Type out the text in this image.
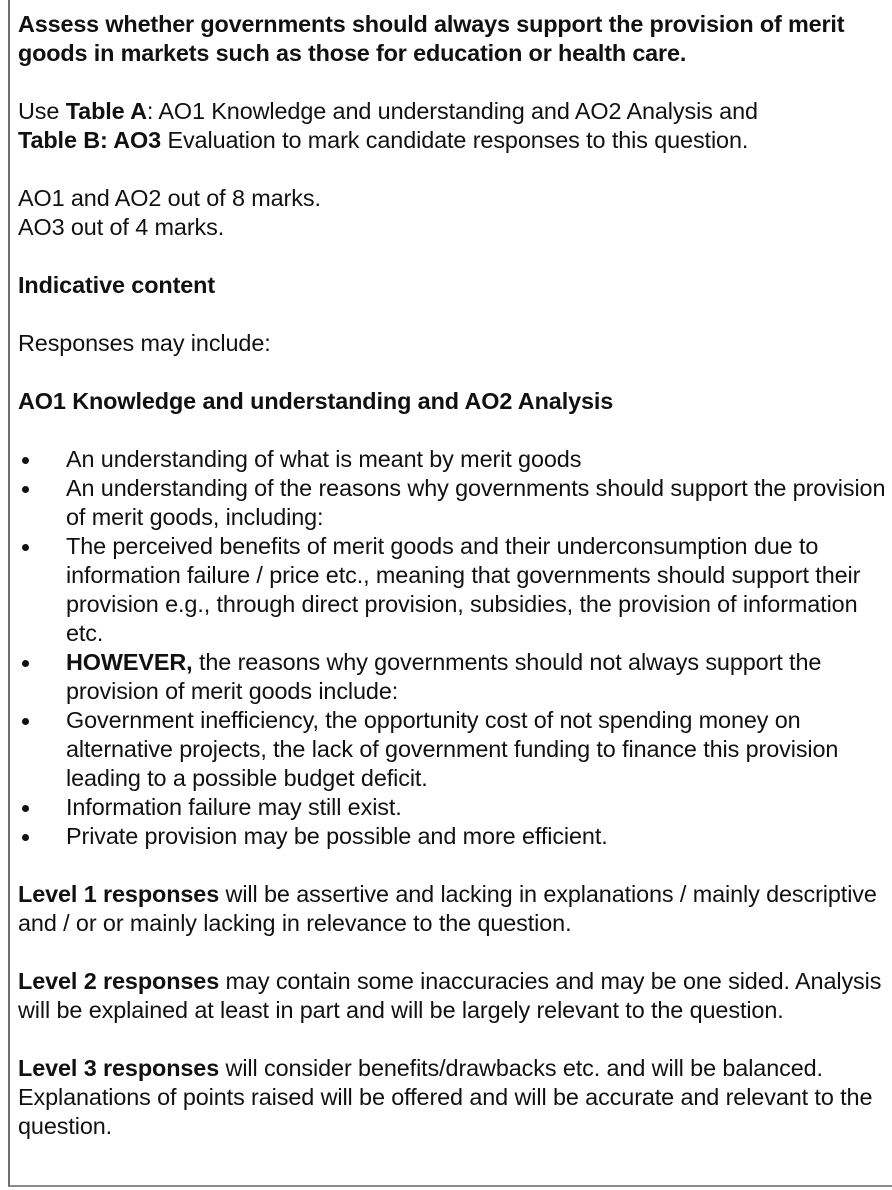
Assess whether governments should always support the provision of merit goods in markets such as those for education or health care.

Use Table A: AO1 Knowledge and understanding and AO2 Analysis and
Table B: AO3 Evaluation to mark candidate responses to this question.

AO1 and AO2 out of 8 marks.

AO3 out of 4 marks.

Indicative content

Responses may include:

AO1 Knowledge and understanding and AO2 Analysis

An understanding of what is meant by merit goods
An understanding of the reasons why governments should support the provision of merit goods, including:
The perceived benefits of merit goods and their underconsumption due to information failure / price etc., meaning that governments should support their provision e.g., through direct provision, subsidies, the provision of information etc.
HOWEVER, the reasons why governments should not always support the provision of merit goods include:
Government inefficiency, the opportunity cost of not spending money on alternative projects, the lack of government funding to finance this provision leading to a possible budget deficit.
Information failure may still exist.
Private provision may be possible and more efficient.

Level 1 responses will be assertive and lacking in explanations / mainly descriptive and / or or mainly lacking in relevance to the question.

Level 2 responses may contain some inaccuracies and may be one sided. Analysis will be explained at least in part and will be largely relevant to the question.

Level 3 responses will consider benefits/drawbacks etc. and will be balanced. Explanations of points raised will be offered and will be accurate and relevant to the question.
